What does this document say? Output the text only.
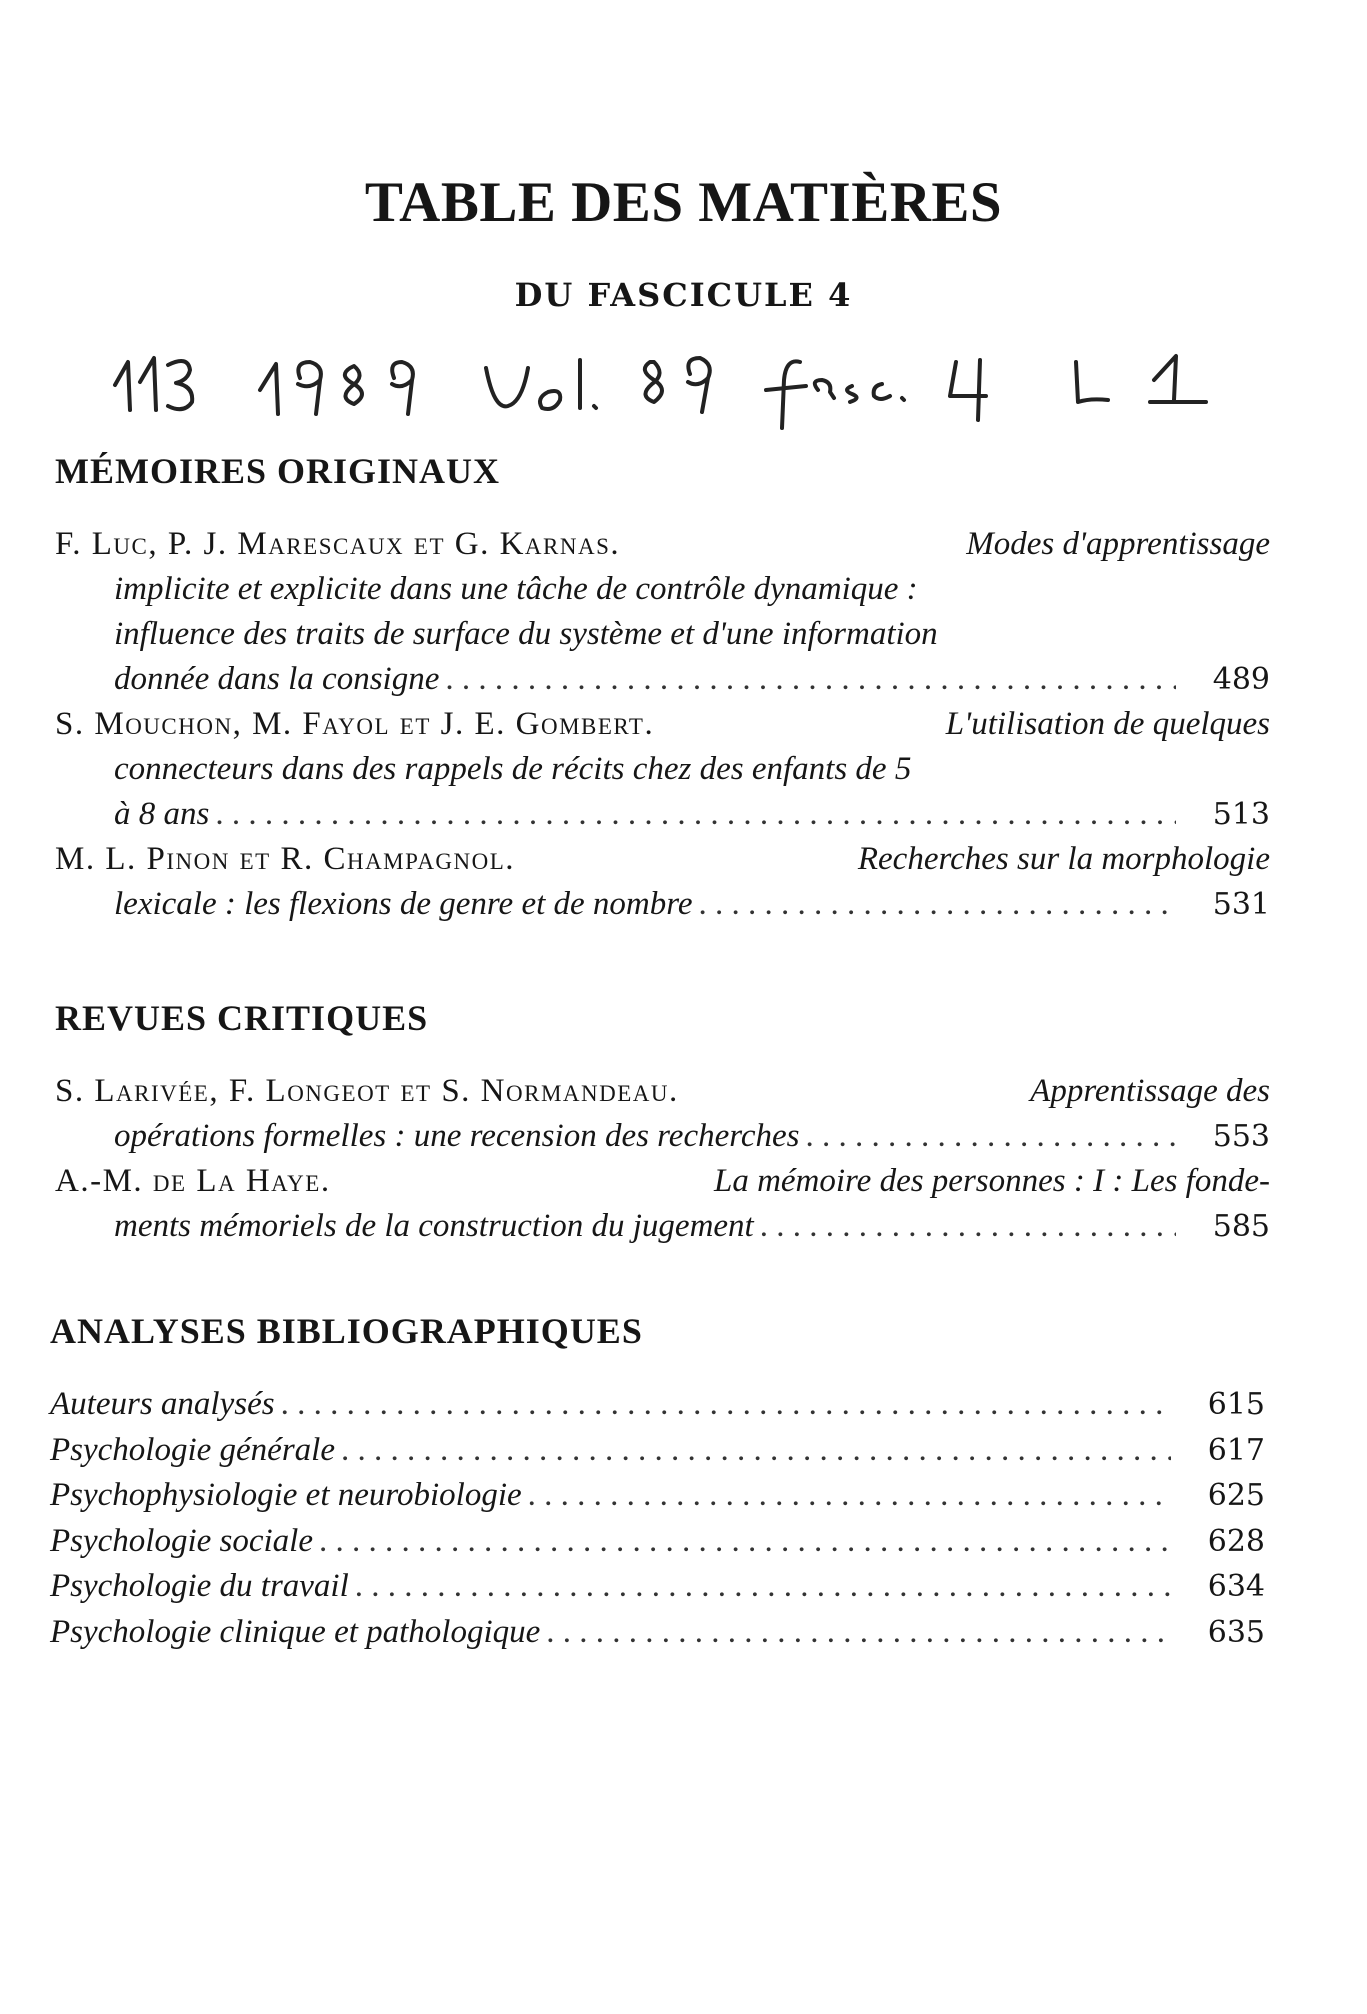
TABLE DES MATIÈRES
DU FASCICULE 4
MÉMOIRES ORIGINAUX
F. Luc, P. J. Marescaux et G. Karnas.	Modes d'apprentissage
implicite et explicite dans une tâche de contrôle dynamique :
influence des traits de surface du système et d'une information
donnée dans la consigne . . .	489
S. Mouchon, M. Fayol et J. E. Gombert.	L'utilisation de quelques
connecteurs dans des rappels de récits chez des enfants de 5
à 8 ans . . .	513
M. L. Pinon et R. Champagnol.	Recherches sur la morphologie
lexicale : les flexions de genre et de nombre . . .	531
REVUES CRITIQUES
S. Larivée, F. Longeot et S. Normandeau.	Apprentissage des
opérations formelles : une recension des recherches . . .	553
A.-M. de La Haye.	La mémoire des personnes : I : Les fonde-
ments mémoriels de la construction du jugement . . .	585
ANALYSES BIBLIOGRAPHIQUES
Auteurs analysés . . .	615
Psychologie générale . . .	617
Psychophysiologie et neurobiologie . . .	625
Psychologie sociale . . .	628
Psychologie du travail . . .	634
Psychologie clinique et pathologique . . .	635
